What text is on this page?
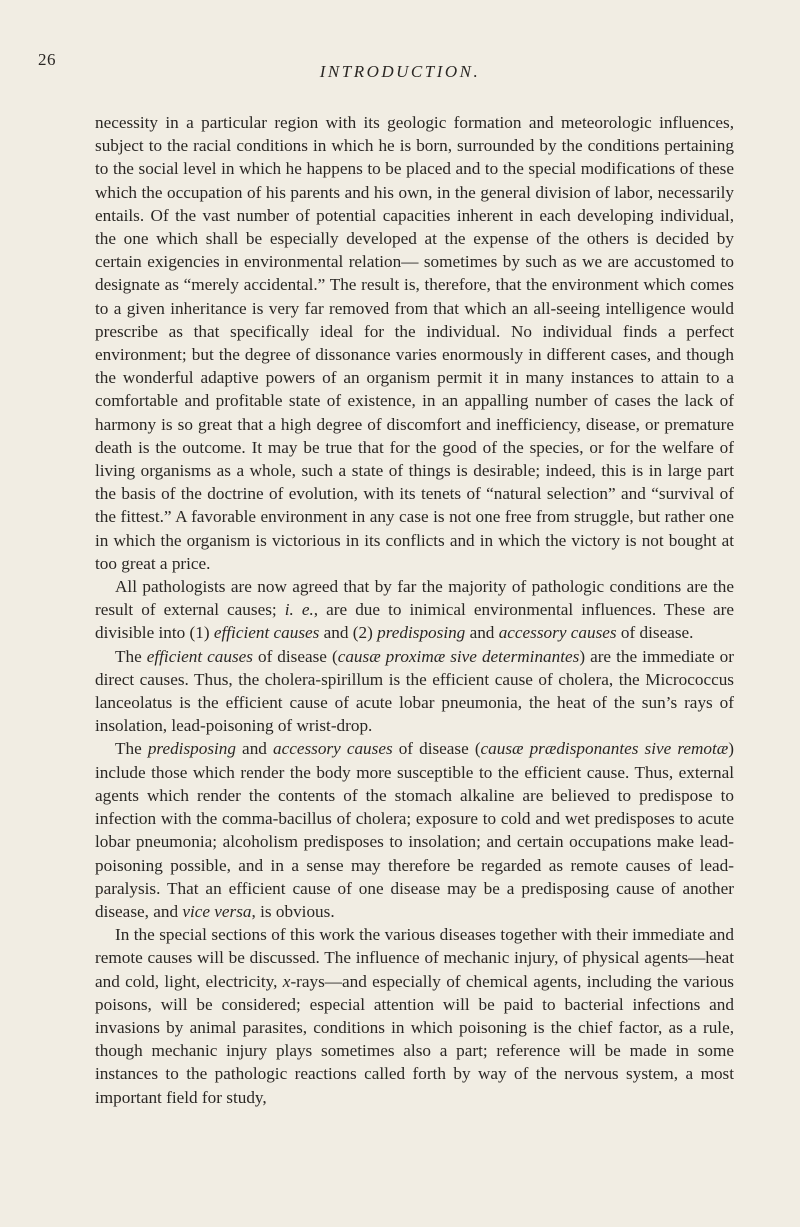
26
INTRODUCTION.

necessity in a particular region with its geologic formation and meteorologic influences, subject to the racial conditions in which he is born, surrounded by the conditions pertaining to the social level in which he happens to be placed and to the special modifications of these which the occupation of his parents and his own, in the general division of labor, necessarily entails. Of the vast number of potential capacities inherent in each developing individual, the one which shall be especially developed at the expense of the others is decided by certain exigencies in environmental relation— sometimes by such as we are accustomed to designate as “merely accidental.” The result is, therefore, that the environment which comes to a given inheritance is very far removed from that which an all-seeing intelligence would prescribe as that specifically ideal for the individual. No individual finds a perfect environment; but the degree of dissonance varies enormously in different cases, and though the wonderful adaptive powers of an organism permit it in many instances to attain to a comfortable and profitable state of existence, in an appalling number of cases the lack of harmony is so great that a high degree of discomfort and inefficiency, disease, or premature death is the outcome. It may be true that for the good of the species, or for the welfare of living organisms as a whole, such a state of things is desirable; indeed, this is in large part the basis of the doctrine of evolution, with its tenets of “natural selection” and “survival of the fittest.” A favorable environment in any case is not one free from struggle, but rather one in which the organism is victorious in its conflicts and in which the victory is not bought at too great a price.

All pathologists are now agreed that by far the majority of pathologic conditions are the result of external causes; i. e., are due to inimical environmental influences. These are divisible into (1) efficient causes and (2) predisposing and accessory causes of disease.

The efficient causes of disease (causæ proximæ sive determinantes) are the immediate or direct causes. Thus, the cholera-spirillum is the efficient cause of cholera, the Micrococcus lanceolatus is the efficient cause of acute lobar pneumonia, the heat of the sun’s rays of insolation, lead-poisoning of wrist-drop.

The predisposing and accessory causes of disease (causæ prædisponantes sive remotæ) include those which render the body more susceptible to the efficient cause. Thus, external agents which render the contents of the stomach alkaline are believed to predispose to infection with the comma-bacillus of cholera; exposure to cold and wet predisposes to acute lobar pneumonia; alcoholism predisposes to insolation; and certain occupations make lead-poisoning possible, and in a sense may therefore be regarded as remote causes of lead-paralysis. That an efficient cause of one disease may be a predisposing cause of another disease, and vice versa, is obvious.

In the special sections of this work the various diseases together with their immediate and remote causes will be discussed. The influence of mechanic injury, of physical agents—heat and cold, light, electricity, x-rays—and especially of chemical agents, including the various poisons, will be considered; especial attention will be paid to bacterial infections and invasions by animal parasites, conditions in which poisoning is the chief factor, as a rule, though mechanic injury plays sometimes also a part; reference will be made in some instances to the pathologic reactions called forth by way of the nervous system, a most important field for study,
